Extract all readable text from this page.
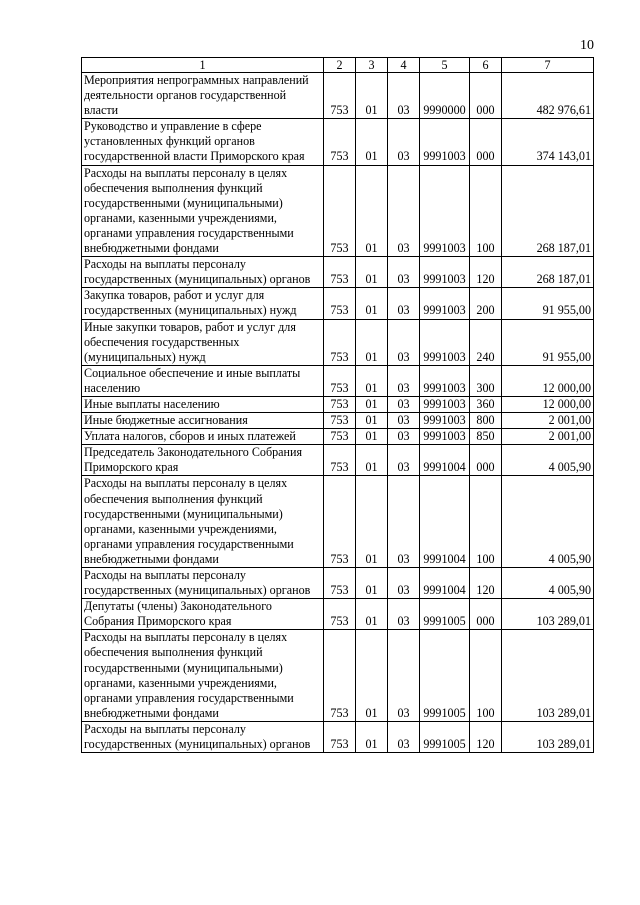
10
1	2	3	4	5	6	7
Мероприятия непрограммных направлений деятельности органов государственной власти	753	01	03	9990000	000	482 976,61
Руководство и управление в сфере установленных функций органов государственной власти Приморского края	753	01	03	9991003	000	374 143,01
Расходы на выплаты персоналу в целях обеспечения выполнения функций государственными (муниципальными) органами, казенными учреждениями, органами управления государственными внебюджетными фондами	753	01	03	9991003	100	268 187,01
Расходы на выплаты персоналу государственных (муниципальных) органов	753	01	03	9991003	120	268 187,01
Закупка товаров, работ и услуг для государственных (муниципальных) нужд	753	01	03	9991003	200	91 955,00
Иные закупки товаров, работ и услуг для обеспечения государственных (муниципальных) нужд	753	01	03	9991003	240	91 955,00
Социальное обеспечение и иные выплаты населению	753	01	03	9991003	300	12 000,00
Иные выплаты населению	753	01	03	9991003	360	12 000,00
Иные бюджетные ассигнования	753	01	03	9991003	800	2 001,00
Уплата налогов, сборов и иных платежей	753	01	03	9991003	850	2 001,00
Председатель Законодательного Собрания Приморского края	753	01	03	9991004	000	4 005,90
Расходы на выплаты персоналу в целях обеспечения выполнения функций государственными (муниципальными) органами, казенными учреждениями, органами управления государственными внебюджетными фондами	753	01	03	9991004	100	4 005,90
Расходы на выплаты персоналу государственных (муниципальных) органов	753	01	03	9991004	120	4 005,90
Депутаты (члены) Законодательного Собрания Приморского края	753	01	03	9991005	000	103 289,01
Расходы на выплаты персоналу в целях обеспечения выполнения функций государственными (муниципальными) органами, казенными учреждениями, органами управления государственными внебюджетными фондами	753	01	03	9991005	100	103 289,01
Расходы на выплаты персоналу государственных (муниципальных) органов	753	01	03	9991005	120	103 289,01
